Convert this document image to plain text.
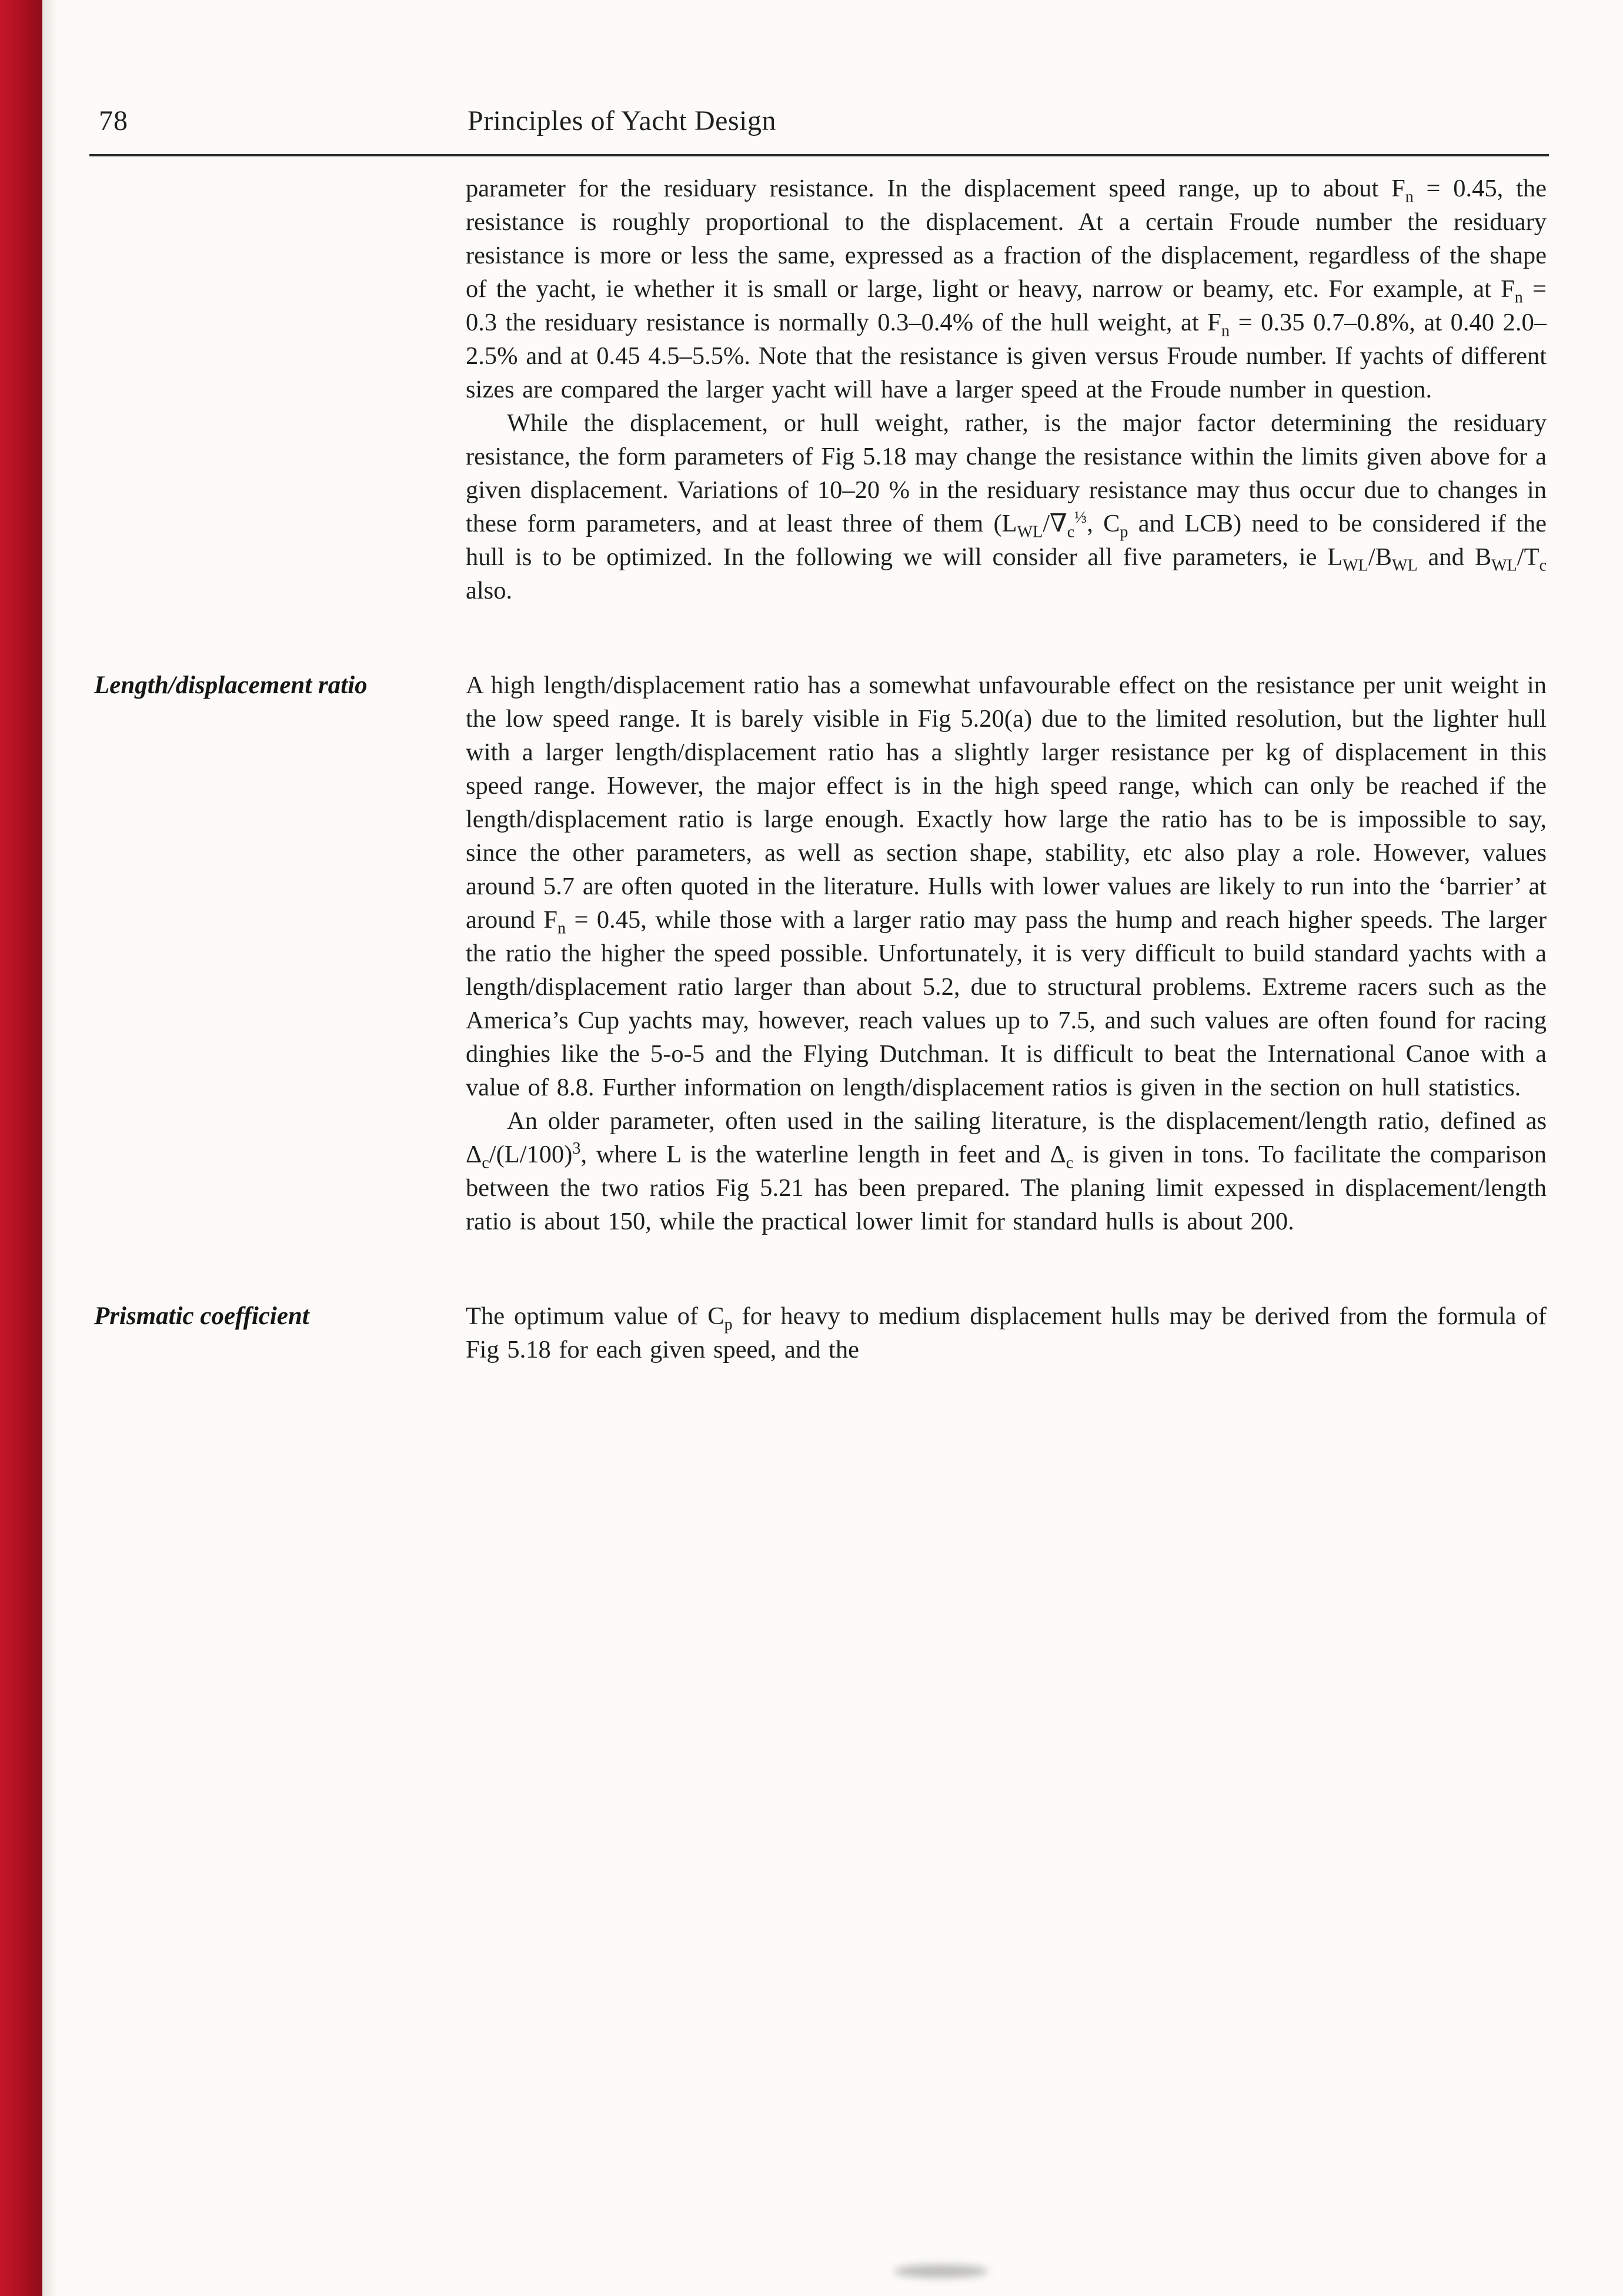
78	Principles of Yacht Design

parameter for the residuary resistance. In the displacement speed range, up to about $F_n = 0.45$, the resistance is roughly proportional to the displacement. At a certain Froude number the residuary resistance is more or less the same, expressed as a fraction of the displacement, regardless of the shape of the yacht, ie whether it is small or large, light or heavy, narrow or beamy, etc. For example, at $F_n = 0.3$ the residuary resistance is normally 0.3–0.4% of the hull weight, at $F_n = 0.35$ 0.7–0.8%, at 0.40 2.0–2.5% and at 0.45 4.5–5.5%. Note that the resistance is given versus Froude number. If yachts of different sizes are compared the larger yacht will have a larger speed at the Froude number in question.

While the displacement, or hull weight, rather, is the major factor determining the residuary resistance, the form parameters of Fig 5.18 may change the resistance within the limits given above for a given displacement. Variations of 10–20 % in the residuary resistance may thus occur due to changes in these form parameters, and at least three of them ($L_{WL}/\nabla_c^{\frac{1}{3}}$, $C_p$ and LCB) need to be considered if the hull is to be optimized. In the following we will consider all five parameters, ie $L_{WL}/B_{WL}$ and $B_{WL}/T_c$ also.

Length/displacement ratio	A high length/displacement ratio has a somewhat unfavourable effect on the resistance per unit weight in the low speed range. It is barely visible in Fig 5.20(a) due to the limited resolution, but the lighter hull with a larger length/displacement ratio has a slightly larger resistance per kg of displacement in this speed range. However, the major effect is in the high speed range, which can only be reached if the length/displacement ratio is large enough. Exactly how large the ratio has to be is impossible to say, since the other parameters, as well as section shape, stability, etc also play a role. However, values around 5.7 are often quoted in the literature. Hulls with lower values are likely to run into the ‘barrier’ at around $F_n = 0.45$, while those with a larger ratio may pass the hump and reach higher speeds. The larger the ratio the higher the speed possible. Unfortunately, it is very difficult to build standard yachts with a length/displacement ratio larger than about 5.2, due to structural problems. Extreme racers such as the America’s Cup yachts may, however, reach values up to 7.5, and such values are often found for racing dinghies like the 5-o-5 and the Flying Dutchman. It is difficult to beat the International Canoe with a value of 8.8. Further information on length/displacement ratios is given in the section on hull statistics.

An older parameter, often used in the sailing literature, is the displacement/length ratio, defined as $\Delta_c/(L/100)^3$, where L is the waterline length in feet and $\Delta_c$ is given in tons. To facilitate the comparison between the two ratios Fig 5.21 has been prepared. The planing limit expessed in displacement/length ratio is about 150, while the practical lower limit for standard hulls is about 200.

Prismatic coefficient	The optimum value of $C_p$ for heavy to medium displacement hulls may be derived from the formula of Fig 5.18 for each given speed, and the
